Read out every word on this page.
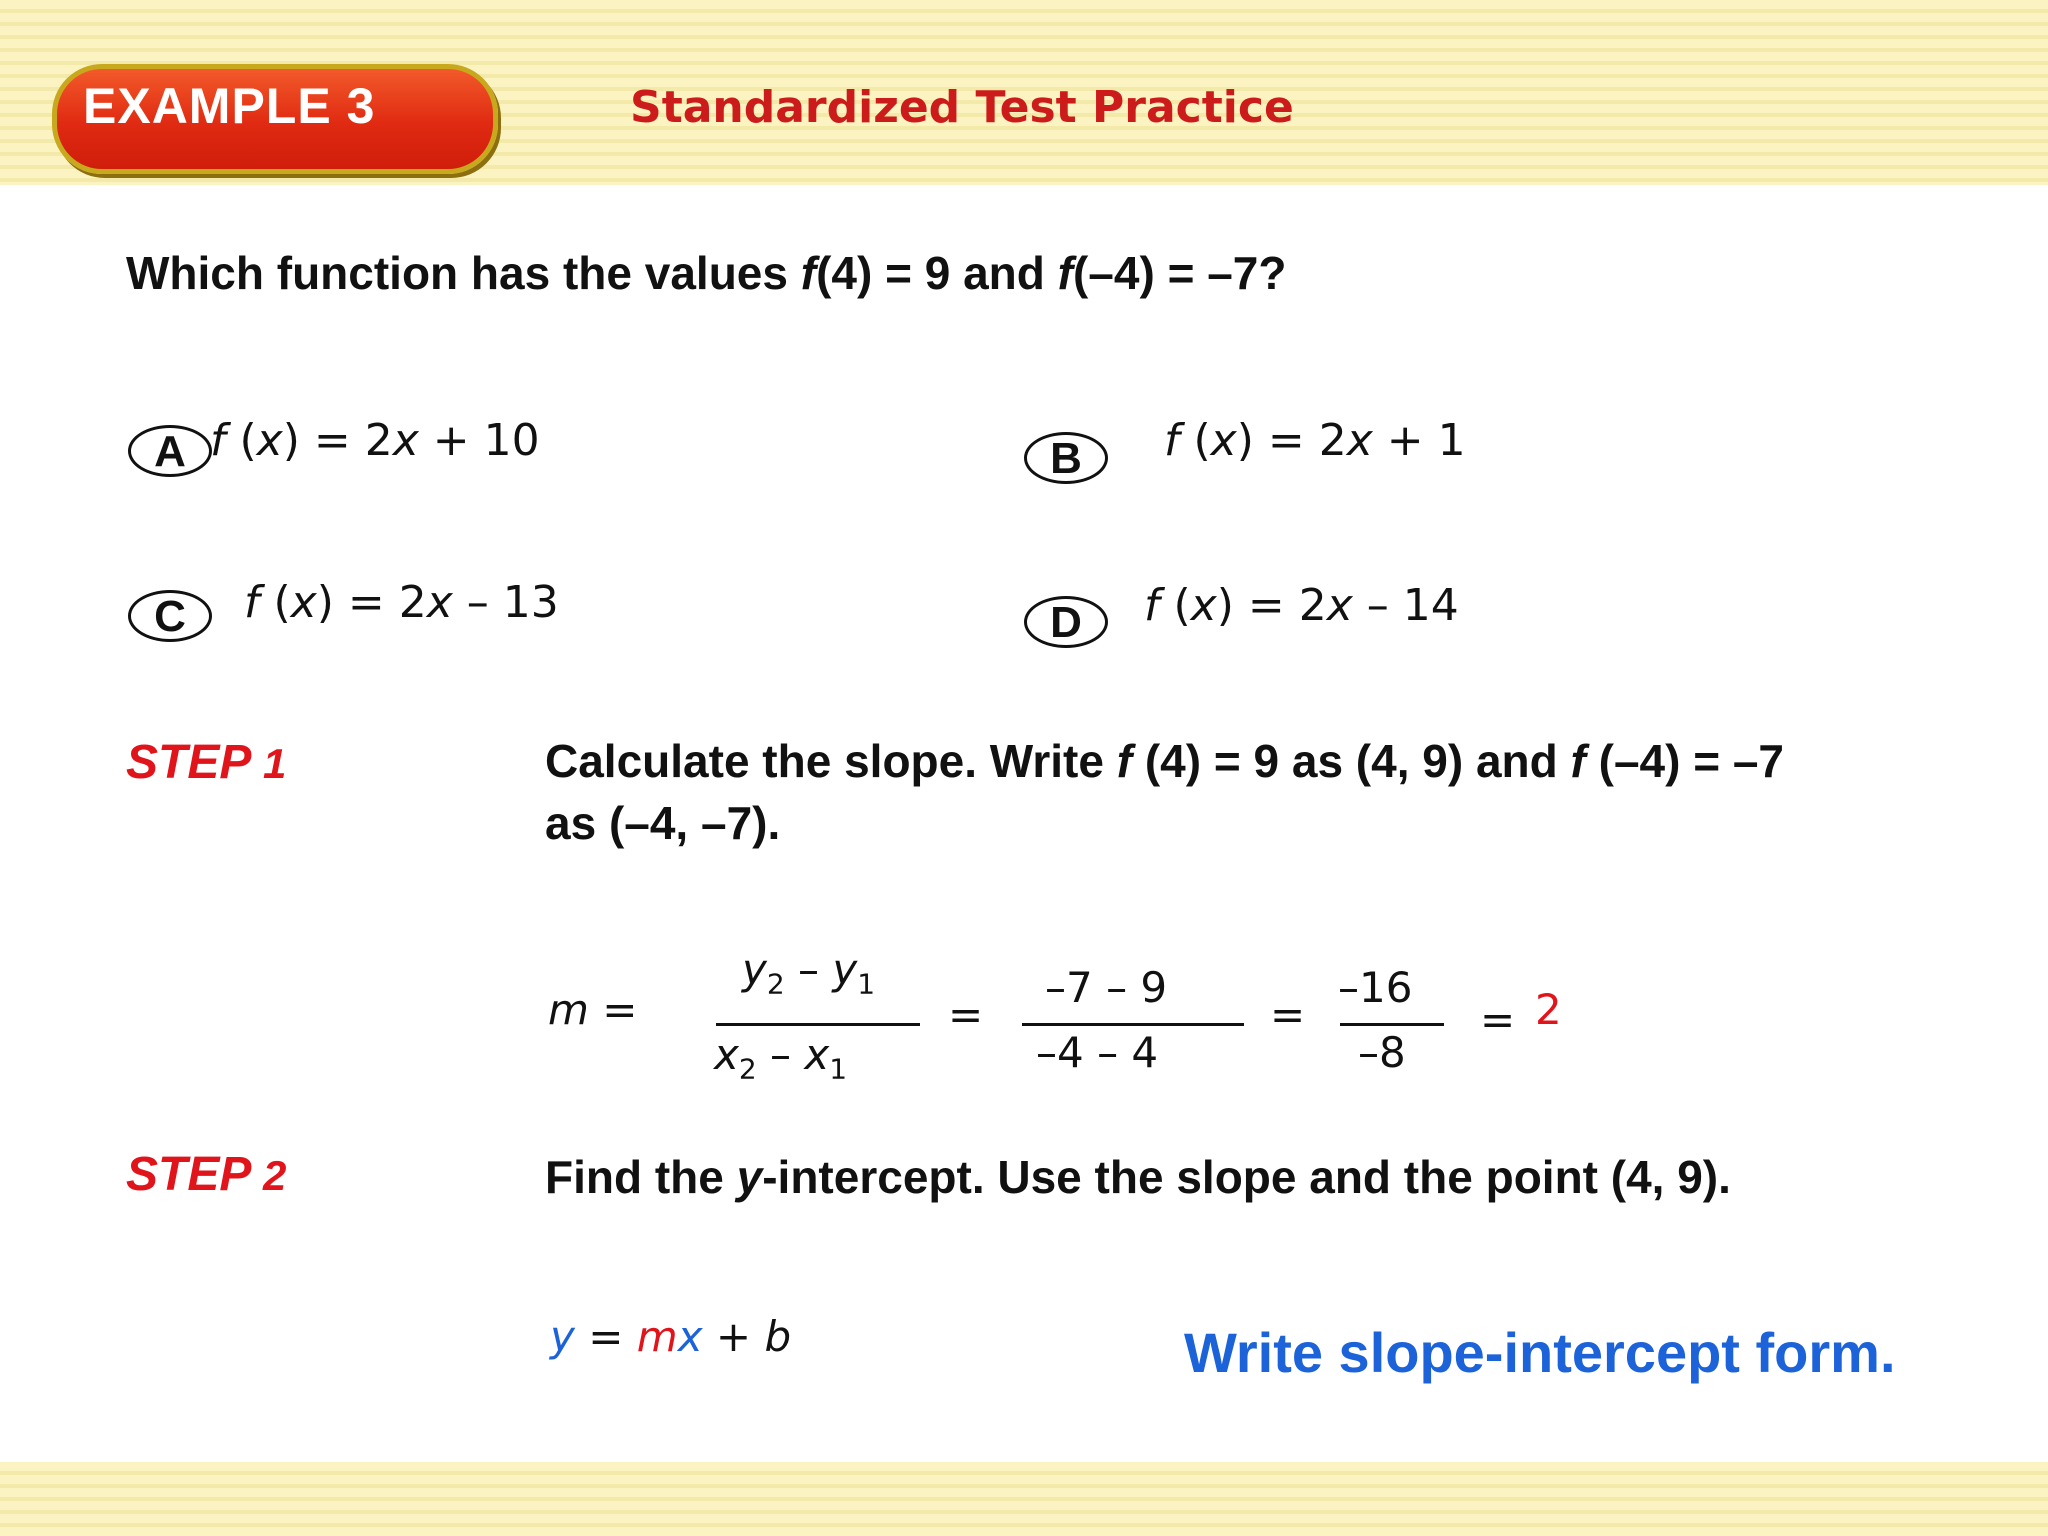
EXAMPLE 3	Standardized Test Practice
Which function has the values f(4) = 9 and f(–4) = –7?
A f (x) = 2x + 10	B	f (x) = 2x + 1
C	f (x) = 2x – 13	D	f (x) = 2x – 14
STEP 1	Calculate the slope. Write f (4) = 9 as (4, 9) and f (–4) = –7
as (–4, –7).
m =
$y_2 - y_1$
$x_2 - x_1$
=
–7 – 9
–4 – 4
=
–16
–8
= 2
STEP 2	Find the y-intercept. Use the slope and the point (4, 9).
y = mx + b	Write slope-intercept form.
